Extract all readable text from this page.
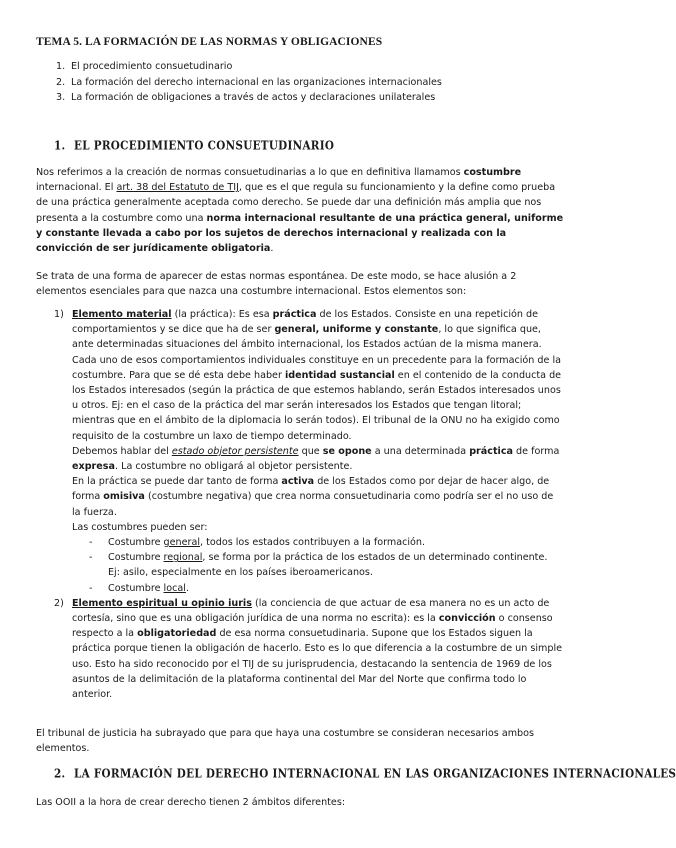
TEMA 5. LA FORMACIÓN DE LAS NORMAS Y OBLIGACIONES
1. El procedimiento consuetudinario
2. La formación del derecho internacional en las organizaciones internacionales
3. La formación de obligaciones a través de actos y declaraciones unilaterales
1. EL PROCEDIMIENTO CONSUETUDINARIO

Nos referimos a la creación de normas consuetudinarias a lo que en definitiva llamamos costumbre internacional. El art. 38 del Estatuto de TIJ, que es el que regula su funcionamiento y la define como prueba de una práctica generalmente aceptada como derecho. Se puede dar una definición más amplia que nos presenta a la costumbre como una norma internacional resultante de una práctica general, uniforme y constante llevada a cabo por los sujetos de derechos internacional y realizada con la convicción de ser jurídicamente obligatoria.

Se trata de una forma de aparecer de estas normas espontánea. De este modo, se hace alusión a 2 elementos esenciales para que nazca una costumbre internacional. Estos elementos son:
1) Elemento material (la práctica): Es esa práctica de los Estados. Consiste en una repetición de comportamientos y se dice que ha de ser general, uniforme y constante, lo que significa que, ante determinadas situaciones del ámbito internacional, los Estados actúan de la misma manera.
Cada uno de esos comportamientos individuales constituye en un precedente para la formación de la costumbre. Para que se dé esta debe haber identidad sustancial en el contenido de la conducta de los Estados interesados (según la práctica de que estemos hablando, serán Estados interesados unos u otros. Ej: en el caso de la práctica del mar serán interesados los Estados que tengan litoral; mientras que en el ámbito de la diplomacia lo serán todos). El tribunal de la ONU no ha exigido como requisito de la costumbre un laxo de tiempo determinado.
Debemos hablar del estado objetor persistente que se opone a una determinada práctica de forma expresa. La costumbre no obligará al objetor persistente.
En la práctica se puede dar tanto de forma activa de los Estados como por dejar de hacer algo, de forma omisiva (costumbre negativa) que crea norma consuetudinaria como podría ser el no uso de la fuerza.
Las costumbres pueden ser:
- Costumbre general, todos los estados contribuyen a la formación.
- Costumbre regional, se forma por la práctica de los estados de un determinado continente.
Ej: asilo, especialmente en los países iberoamericanos.
- Costumbre local.
2) Elemento espiritual u opinio iuris (la conciencia de que actuar de esa manera no es un acto de cortesía, sino que es una obligación jurídica de una norma no escrita): es la convicción o consenso respecto a la obligatoriedad de esa norma consuetudinaria. Supone que los Estados siguen la práctica porque tienen la obligación de hacerlo. Esto es lo que diferencia a la costumbre de un simple uso. Esto ha sido reconocido por el TIJ de su jurisprudencia, destacando la sentencia de 1969 de los asuntos de la delimitación de la plataforma continental del Mar del Norte que confirma todo lo anterior.
El tribunal de justicia ha subrayado que para que haya una costumbre se consideran necesarios ambos elementos.
2. LA FORMACIÓN DEL DERECHO INTERNACIONAL EN LAS ORGANIZACIONES INTERNACIONALES
Las OOII a la hora de crear derecho tienen 2 ámbitos diferentes:
